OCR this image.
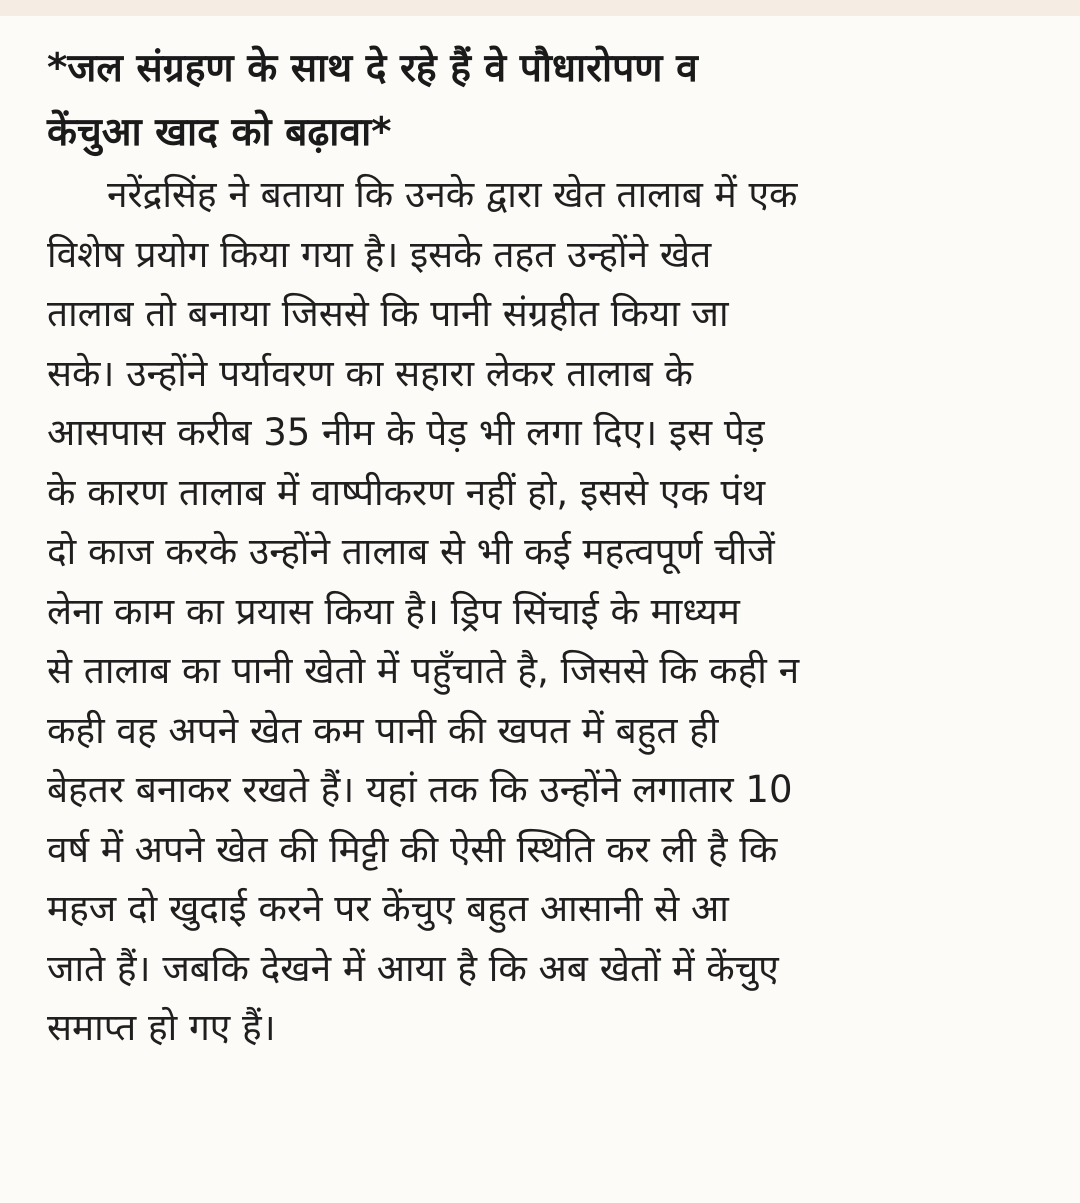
*जल संग्रहण के साथ दे रहे हैं वे पौधारोपण व
केंचुआ खाद को बढ़ावा*

नरेंद्रसिंह ने बताया कि उनके द्वारा खेत तालाब में एक
विशेष प्रयोग किया गया है। इसके तहत उन्होंने खेत
तालाब तो बनाया जिससे कि पानी संग्रहीत किया जा
सके। उन्होंने पर्यावरण का सहारा लेकर तालाब के
आसपास करीब 35 नीम के पेड़ भी लगा दिए। इस पेड़
के कारण तालाब में वाष्पीकरण नहीं हो, इससे एक पंथ
दो काज करके उन्होंने तालाब से भी कई महत्वपूर्ण चीजें
लेना काम का प्रयास किया है। ड्रिप सिंचाई के माध्यम
से तालाब का पानी खेतो में पहुँचाते है, जिससे कि कही न
कही वह अपने खेत कम पानी की खपत में बहुत ही
बेहतर बनाकर रखते हैं। यहां तक कि उन्होंने लगातार 10
वर्ष में अपने खेत की मिट्टी की ऐसी स्थिति कर ली है कि
महज दो खुदाई करने पर केंचुए बहुत आसानी से आ
जाते हैं। जबकि देखने में आया है कि अब खेतों में केंचुए
समाप्त हो गए हैं।
